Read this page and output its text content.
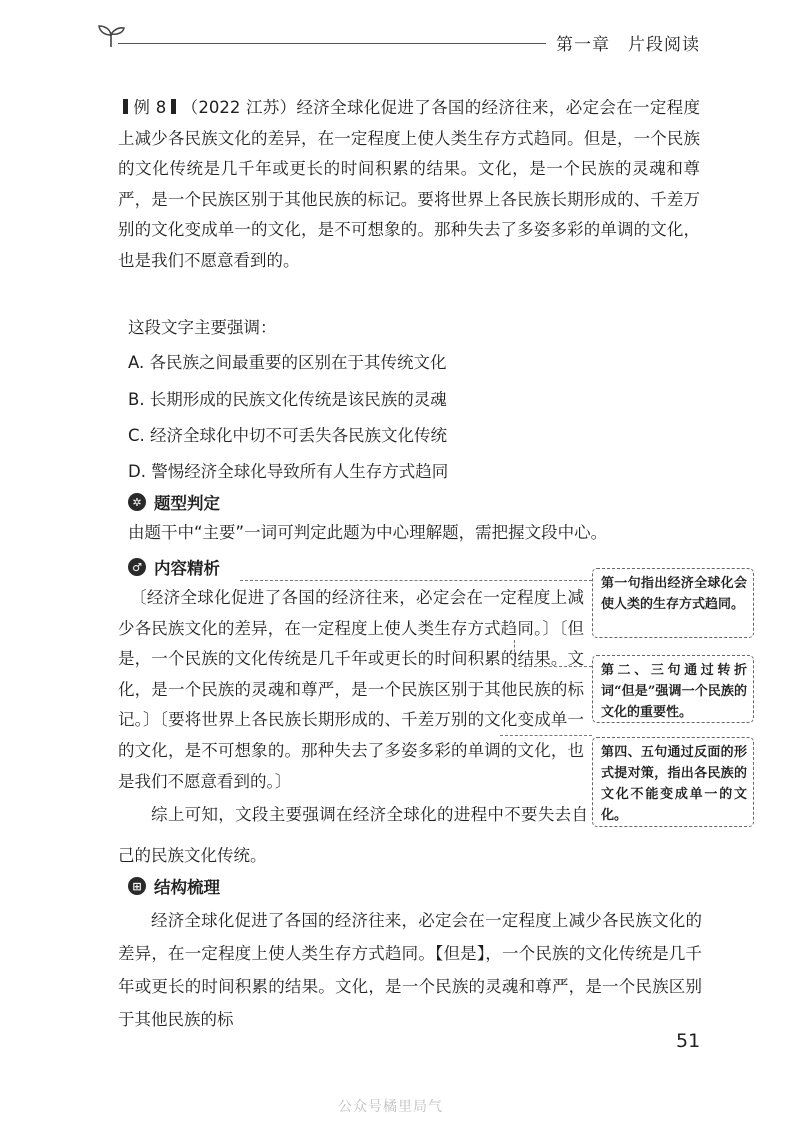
第一章　片段阅读
例 8 （2022 江苏）经济全球化促进了各国的经济往来，必定会在一定程度上减少各民族文化的差异，在一定程度上使人类生存方式趋同。但是，一个民族的文化传统是几千年或更长的时间积累的结果。文化，是一个民族的灵魂和尊严，是一个民族区别于其他民族的标记。要将世界上各民族长期形成的、千差万别的文化变成单一的文化，是不可想象的。那种失去了多姿多彩的单调的文化，也是我们不愿意看到的。
这段文字主要强调：
A. 各民族之间最重要的区别在于其传统文化
B. 长期形成的民族文化传统是该民族的灵魂
C. 经济全球化中切不可丢失各民族文化传统
D. 警惕经济全球化导致所有人生存方式趋同
✲ 题型判定
由题干中“主要”一词可判定此题为中心理解题，需把握文段中心。
♂ 内容精析
〔经济全球化促进了各国的经济往来，必定会在一定程度上减少各民族文化的差异，在一定程度上使人类生存方式趋同。〕〔但是，一个民族的文化传统是几千年或更长的时间积累的结果。文化，是一个民族的灵魂和尊严，是一个民族区别于其他民族的标记。〕〔要将世界上各民族长期形成的、千差万别的文化变成单一的文化，是不可想象的。那种失去了多姿多彩的单调的文化，也是我们不愿意看到的。〕
第一句指出经济全球化会使人类的生存方式趋同。
第二、三句通过转折词“但是”强调一个民族的文化的重要性。
第四、五句通过反面的形式提对策，指出各民族的文化不能变成单一的文化。
综上可知，文段主要强调在经济全球化的进程中不要失去自己的民族文化传统。
⊞ 结构梳理
经济全球化促进了各国的经济往来，必定会在一定程度上减少各民族文化的差异，在一定程度上使人类生存方式趋同。【但是】，一个民族的文化传统是几千年或更长的时间积累的结果。文化，是一个民族的灵魂和尊严，是一个民族区别于其他民族的标
51
公众号橘里局气
